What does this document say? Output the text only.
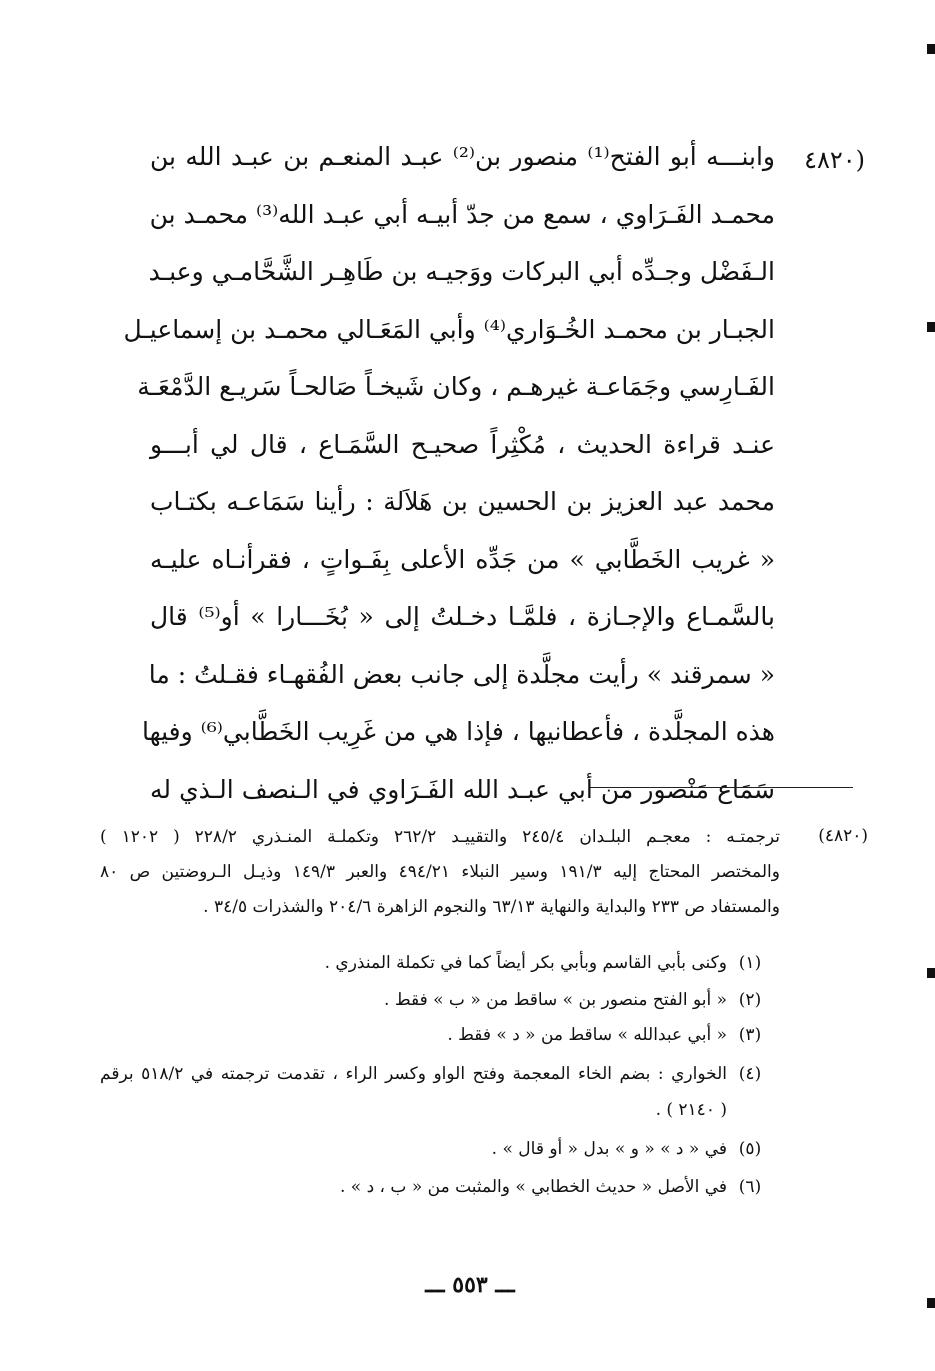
(٤٨٢٠
وابنـــه أبو الفتح⁽¹⁾ منصور بن⁽²⁾ عبـد المنعـم بن عبـد الله بن
محمـد الفَـرَاوي ، سمع من جدّ أبيـه أبي عبـد الله⁽³⁾ محمـد بن
الـفَضْل وجـدِّه أبي البركات ووَجيـه بن طَاهِـر الشَّحَّامـي وعبـد
الجبـار بن محمـد الخُـوَاري⁽⁴⁾ وأبي المَعَـالي محمـد بن إسماعيـل
الفَـارِسي وجَمَاعـة غيرهـم ، وكان شَيخـاً صَالحـاً سَريـع الدَّمْعَـة
عنـد قراءة الحديث ، مُكْثِراً صحيـح السَّمَـاع ، قال لي أبـــو
محمد عبد العزيز بن الحسين بن هَلاَلة : رأينا سَمَاعـه بكتـاب
« غريب الخَطَّابي » من جَدِّه الأعلى بِفَـواتٍ ، فقرأنـاه عليـه
بالسَّمـاع والإجـازة ، فلمَّـا دخـلتُ إلى « بُخَـــارا » أو⁽⁵⁾ قال
« سمرقند » رأيت مجلَّدة إلى جانب بعض الفُقهـاء فقـلتُ : ما
هذه المجلَّدة ، فأعطانيها ، فإذا هي من غَرِيب الخَطَّابي⁽⁶⁾ وفيها
سَمَاع مَنْصور من أبي عبـد الله الفَـرَاوي في الـنصف الـذي له
(٤٨٢٠)
ترجمتـه : معجـم البلـدان ٢٤٥/٤ والتقييـد ٢٦٢/٢ وتكملـة المنـذري ٢٢٨/٢ ( ١٢٠٢ )
والمختصر المحتاج إليه ١٩١/٣ وسير النبلاء ٤٩٤/٢١ والعبر ١٤٩/٣ وذيـل الـروضتين ص ٨٠
والمستفاد ص ٢٣٣ والبداية والنهاية ٦٣/١٣ والنجوم الزاهرة ٢٠٤/٦ والشذرات ٣٤/٥ .
(١)
وكنى بأبي القاسم وبأبي بكر أيضاً كما في تكملة المنذري .
(٢)
« أبو الفتح منصور بن » ساقط من « ب » فقط .
(٣)
« أبي عبدالله » ساقط من « د » فقط .
(٤)
الخواري : بضم الخاء المعجمة وفتح الواو وكسر الراء ، تقدمت ترجمته في ٥١٨/٢ برقم
( ٢١٤٠ ) .
(٥)
في « د » « و » بدل « أو قال » .
(٦)
في الأصل « حديث الخطابي » والمثبت من « ب ، د » .
ـــ ٥٥٣ ـــ
